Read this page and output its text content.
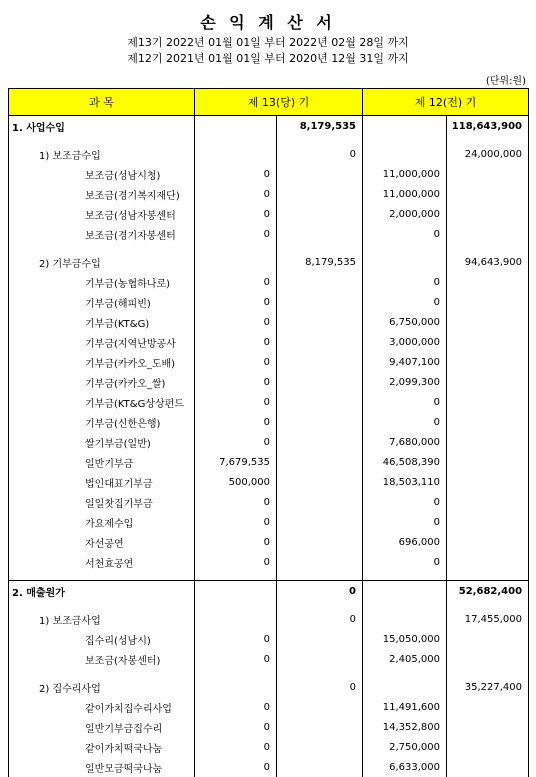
손 익 계 산 서
제13기 2022년 01월 01일 부터 2022년 02월 28일 까지
제12기 2021년 01월 01일 부터 2020년 12월 31일 까지
(단위:원)
과 목	제 13(당) 기		제 12(전) 기	
1. 사업수입		8,179,535		118,643,900

1) 보조금수입		0		24,000,000
보조금(성남시청)	0		11,000,000	
보조금(경기복지재단)	0		11,000,000	
보조금(성남자봉센터	0		2,000,000	
보조금(경기자봉센터	0		0	

2) 기부금수입		8,179,535		94,643,900
기부금(농협하나로)	0		0	
기부금(해피빈)	0		0	
기부금(KT&G)	0		6,750,000	
기부금(지역난방공사	0		3,000,000	
기부금(카카오_도배)	0		9,407,100	
기부금(카카오_쌀)	0		2,099,300	
기부금(KT&G상상펀드	0		0	
기부금(신한은행)	0		0	
쌀기부금(일반)	0		7,680,000	
일반기부금	7,679,535		46,508,390	
법인대표기부금	500,000		18,503,110	
일일찻집기부금	0		0	
가요제수입	0		0	
자선공연	0		696,000	
서천효공연	0		0	

2. 매출원가		0		52,682,400

1) 보조금사업		0		17,455,000
집수리(성남시)	0		15,050,000	
보조금(자봉센터)	0		2,405,000	

2) 집수리사업		0		35,227,400
같이가치집수리사업	0		11,491,600	
일반기부금집수리	0		14,352,800	
같이가치떡국나눔	0		2,750,000	
일반모금떡국나눔	0		6,633,000	
